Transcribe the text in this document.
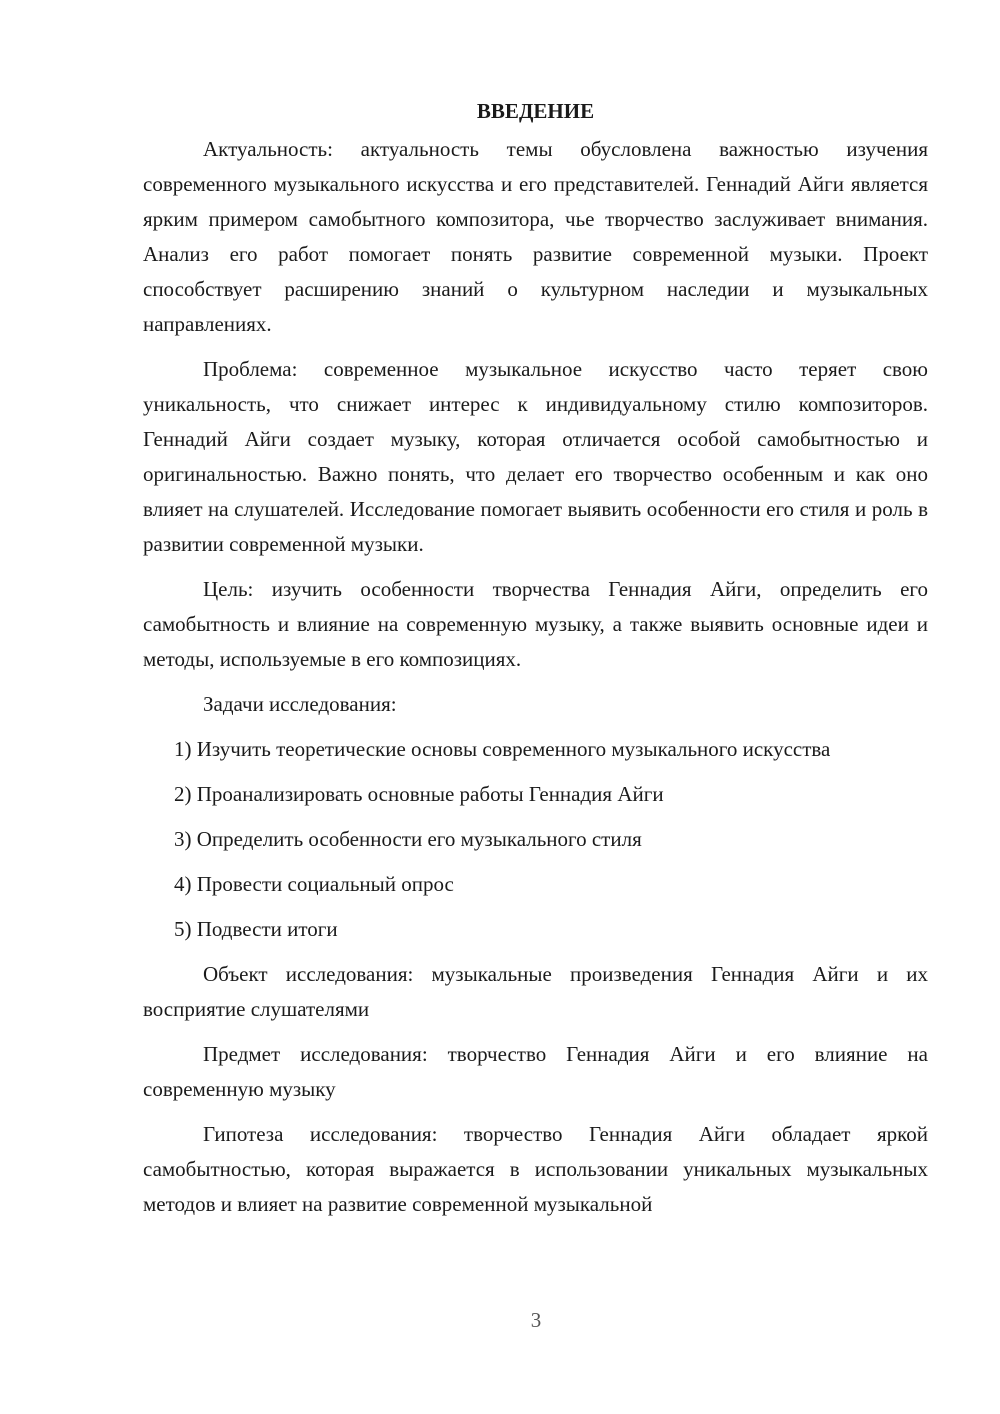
ВВЕДЕНИЕ

Актуальность: актуальность темы обусловлена важностью изучения современного музыкального искусства и его представителей. Геннадий Айги является ярким примером самобытного композитора, чье творчество заслуживает внимания. Анализ его работ помогает понять развитие современной музыки. Проект способствует расширению знаний о культурном наследии и музыкальных направлениях.

Проблема: современное музыкальное искусство часто теряет свою уникальность, что снижает интерес к индивидуальному стилю композиторов. Геннадий Айги создает музыку, которая отличается особой самобытностью и оригинальностью. Важно понять, что делает его творчество особенным и как оно влияет на слушателей. Исследование помогает выявить особенности его стиля и роль в развитии современной музыки.

Цель: изучить особенности творчества Геннадия Айги, определить его самобытность и влияние на современную музыку, а также выявить основные идеи и методы, используемые в его композициях.

Задачи исследования:

1) Изучить теоретические основы современного музыкального искусства

2) Проанализировать основные работы Геннадия Айги

3) Определить особенности его музыкального стиля

4) Провести социальный опрос

5) Подвести итоги

Объект исследования: музыкальные произведения Геннадия Айги и их восприятие слушателями

Предмет исследования: творчество Геннадия Айги и его влияние на современную музыку

Гипотеза исследования: творчество Геннадия Айги обладает яркой самобытностью, которая выражается в использовании уникальных музыкальных методов и влияет на развитие современной музыкальной

3
